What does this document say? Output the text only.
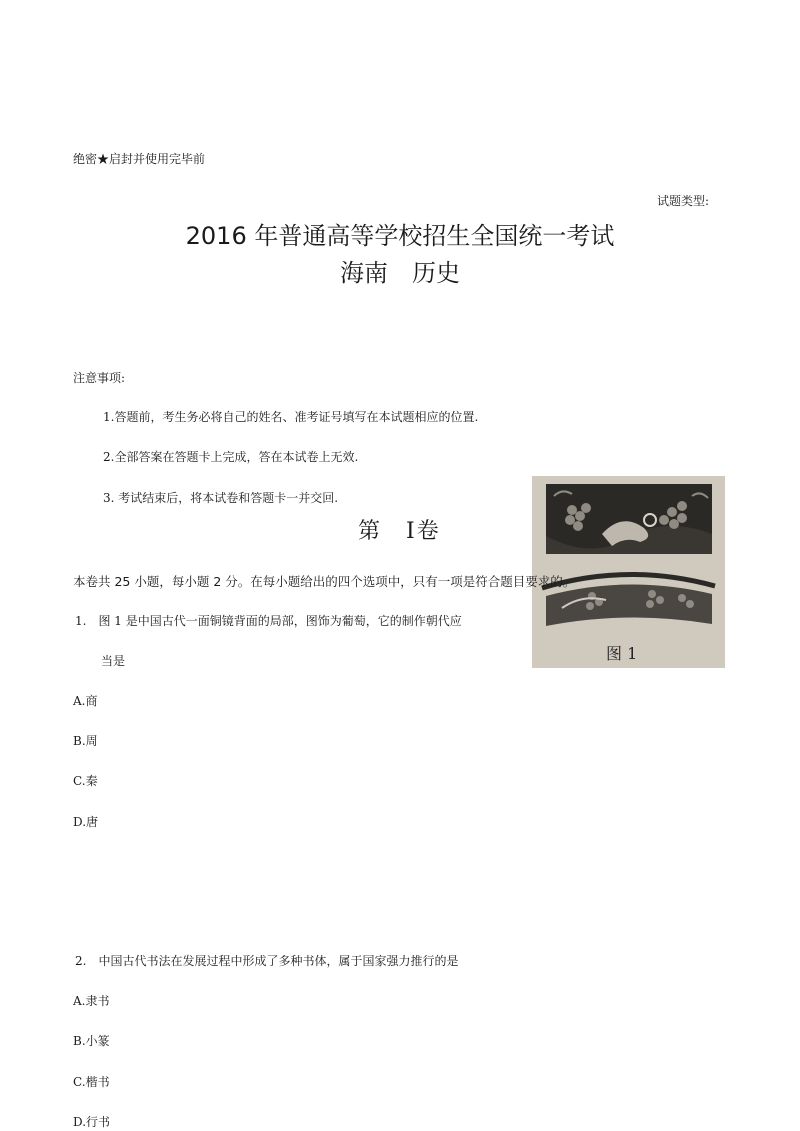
绝密★启封并使用完毕前
试题类型:
2016 年普通高等学校招生全国统一考试
海南　历史
注意事项:
1.答题前，考生务必将自己的姓名、准考证号填写在本试题相应的位置.
2.全部答案在答题卡上完成，答在本试卷上无效.
3. 考试结束后，将本试卷和答题卡一并交回.
图 1
第　Ⅰ卷
本卷共 25 小题，每小题 2 分。在每小题给出的四个选项中，只有一项是符合题目要求的。
1.　图 1 是中国古代一面铜镜背面的局部，图饰为葡萄，它的制作朝代应
当是
A.商
B.周
C.秦
D.唐
2.　中国古代书法在发展过程中形成了多种书体，属于国家强力推行的是
A.隶书
B.小篆
C.楷书
D.行书
